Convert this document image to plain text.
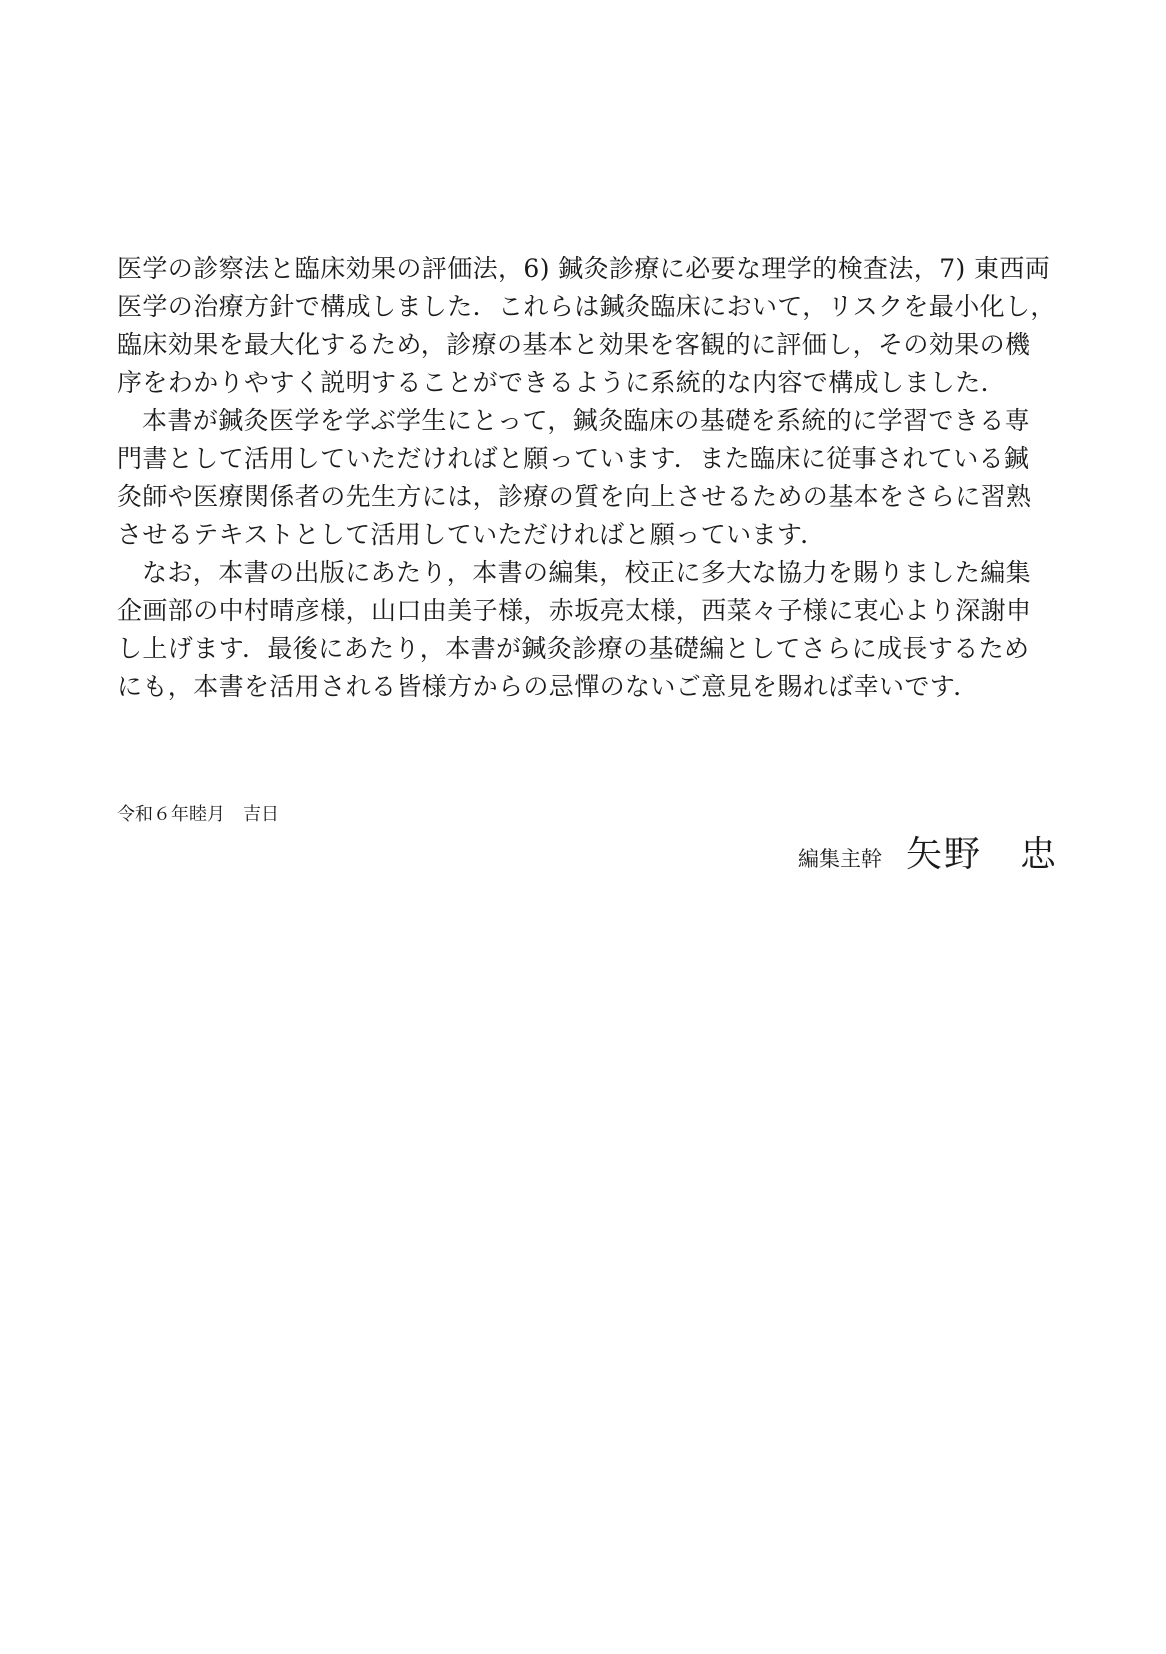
医学の診察法と臨床効果の評価法，6) 鍼灸診療に必要な理学的検査法，7) 東西両
医学の治療方針で構成しました．これらは鍼灸臨床において，リスクを最小化し，
臨床効果を最大化するため，診療の基本と効果を客観的に評価し，その効果の機
序をわかりやすく説明することができるように系統的な内容で構成しました．
本書が鍼灸医学を学ぶ学生にとって，鍼灸臨床の基礎を系統的に学習できる専
門書として活用していただければと願っています．また臨床に従事されている鍼
灸師や医療関係者の先生方には，診療の質を向上させるための基本をさらに習熟
させるテキストとして活用していただければと願っています．
なお，本書の出版にあたり，本書の編集，校正に多大な協力を賜りました編集
企画部の中村晴彦様，山口由美子様，赤坂亮太様，西菜々子様に衷心より深謝申
し上げます．最後にあたり，本書が鍼灸診療の基礎編としてさらに成長するため
にも，本書を活用される皆様方からの忌憚のないご意見を賜れば幸いです．
令和６年睦月　吉日
編集主幹 矢野　忠
